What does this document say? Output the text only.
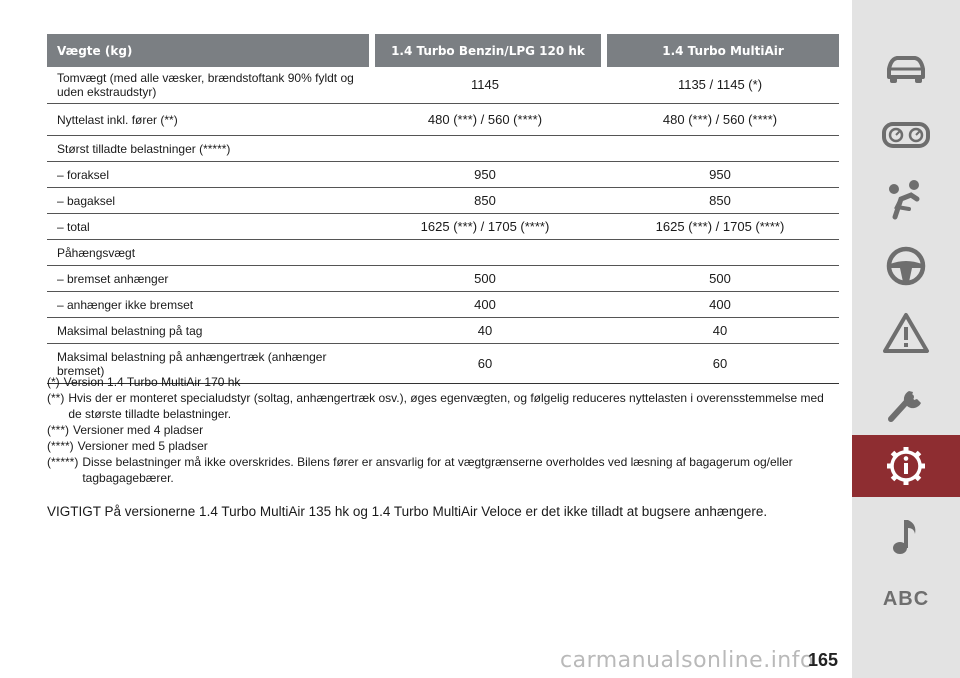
Vægte (kg)	1.4 Turbo Benzin/LPG 120 hk	1.4 Turbo MultiAir
Tomvægt (med alle væsker, brændstoftank 90% fyldt og uden ekstraudstyr)	1145	1135 / 1145 (*)
Nyttelast inkl. fører (**)	480 (***) / 560 (****)	480 (***) / 560 (****)
Størst tilladte belastninger (*****)
– foraksel	950	950
– bagaksel	850	850
– total	1625 (***) / 1705 (****)	1625 (***) / 1705 (****)
Påhængsvægt
– bremset anhænger	500	500
– anhænger ikke bremset	400	400
Maksimal belastning på tag	40	40
Maksimal belastning på anhængertræk (anhænger bremset)	60	60
(*) Version 1.4 Turbo MultiAir 170 hk
(**) Hvis der er monteret specialudstyr (soltag, anhængertræk osv.), øges egenvægten, og følgelig reduceres nyttelasten i overensstemmelse med de største tilladte belastninger.
(***) Versioner med 4 pladser
(****) Versioner med 5 pladser
(*****) Disse belastninger må ikke overskrides. Bilens fører er ansvarlig for at vægtgrænserne overholdes ved læsning af bagagerum og/eller tagbagagebærer.
VIGTIGT På versionerne 1.4 Turbo MultiAir 135 hk og 1.4 Turbo MultiAir Veloce er det ikke tilladt at bugsere anhængere.
carmanualsonline.info
165
ABC
